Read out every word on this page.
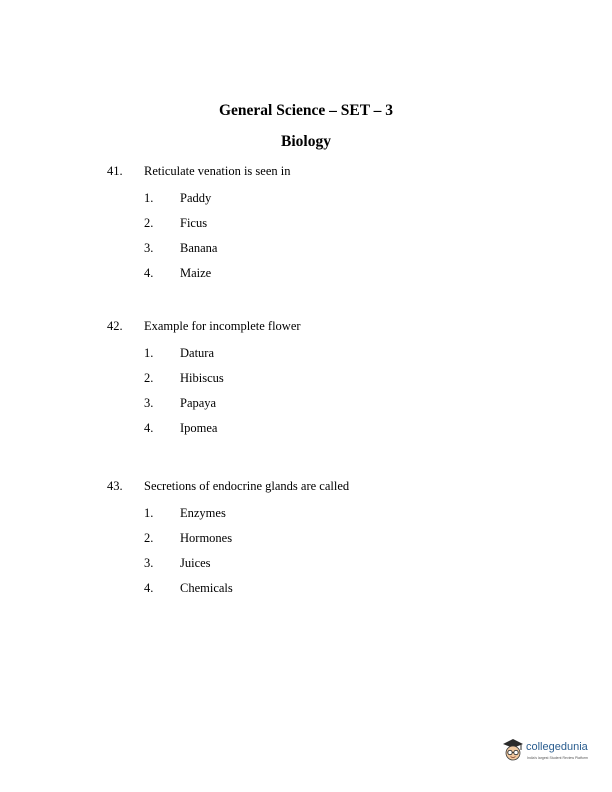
General Science – SET – 3
Biology
41. Reticulate venation is seen in
1. Paddy
2. Ficus
3. Banana
4. Maize
42. Example for incomplete flower
1. Datura
2. Hibiscus
3. Papaya
4. Ipomea
43. Secretions of endocrine glands are called
1. Enzymes
2. Hormones
3. Juices
4. Chemicals
collegedunia
India's largest Student Review Platform
